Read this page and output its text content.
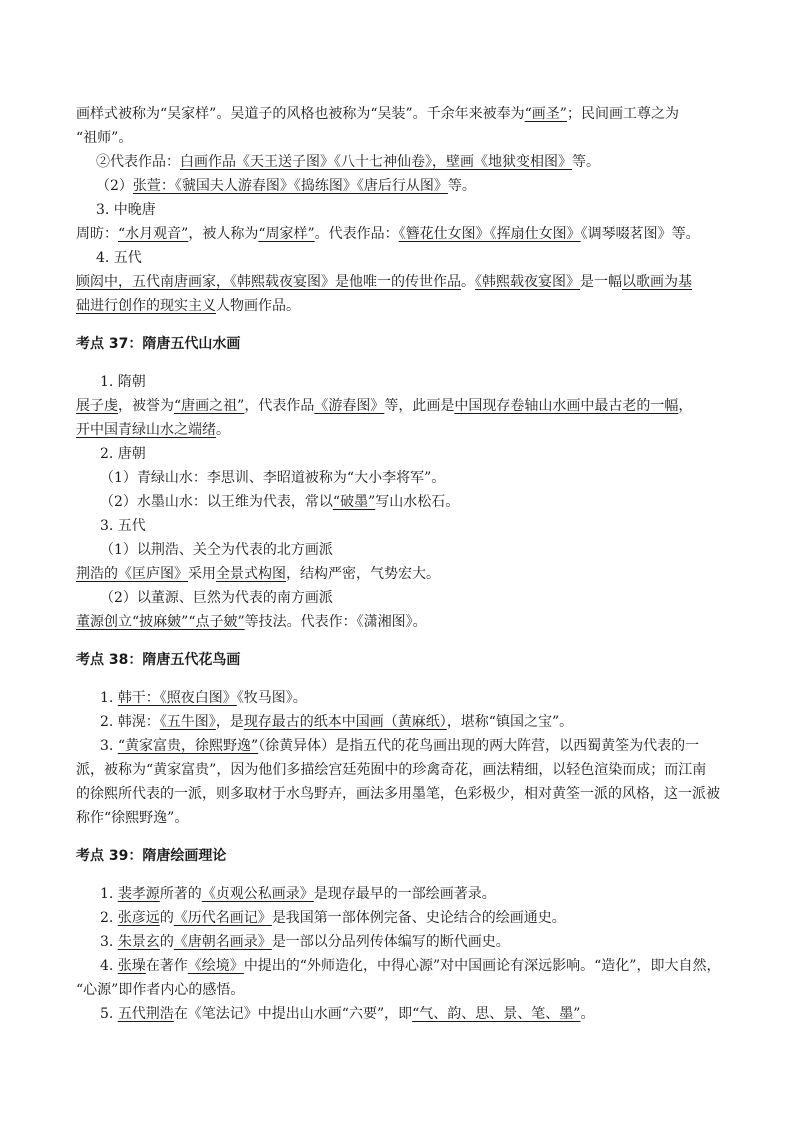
画样式被称为“吴家样”。吴道子的风格也被称为“吴装”。千余年来被奉为“画圣”；民间画工尊之为
“祖师”。
②代表作品：白画作品《天王送子图》《八十七神仙卷》，壁画《地狱变相图》等。
（2）张萱：《虢国夫人游春图》《捣练图》《唐后行从图》等。
3. 中晚唐
周昉：“水月观音”，被人称为“周家样”。代表作品：《簪花仕女图》《挥扇仕女图》《调琴啜茗图》等。
4. 五代
顾闳中，五代南唐画家，《韩熙载夜宴图》是他唯一的传世作品。《韩熙载夜宴图》是一幅以歌画为基
础进行创作的现实主义人物画作品。
考点 37：隋唐五代山水画
1. 隋朝
展子虔，被誉为“唐画之祖”，代表作品《游春图》等，此画是中国现存卷轴山水画中最古老的一幅，
开中国青绿山水之端绪。
2. 唐朝
（1）青绿山水：李思训、李昭道被称为“大小李将军”。
（2）水墨山水：以王维为代表，常以“破墨”写山水松石。
3. 五代
（1）以荆浩、关仝为代表的北方画派
荆浩的《匡庐图》采用全景式构图，结构严密，气势宏大。
（2）以董源、巨然为代表的南方画派
董源创立“披麻皴”“点子皴”等技法。代表作：《潇湘图》。
考点 38：隋唐五代花鸟画
1. 韩干：《照夜白图》《牧马图》。
2. 韩滉：《五牛图》，是现存最古的纸本中国画（黄麻纸），堪称“镇国之宝”。
3. “黄家富贵，徐熙野逸”（徐黄异体）是指五代的花鸟画出现的两大阵营，以西蜀黄筌为代表的一
派，被称为“黄家富贵”，因为他们多描绘宫廷苑囿中的珍禽奇花，画法精细，以轻色渲染而成；而江南
的徐熙所代表的一派，则多取材于水鸟野卉，画法多用墨笔，色彩极少，相对黄筌一派的风格，这一派被
称作“徐熙野逸”。
考点 39：隋唐绘画理论
1. 裴孝源所著的《贞观公私画录》是现存最早的一部绘画著录。
2. 张彦远的《历代名画记》是我国第一部体例完备、史论结合的绘画通史。
3. 朱景玄的《唐朝名画录》是一部以分品列传体编写的断代画史。
4. 张璪在著作《绘境》中提出的“外师造化，中得心源”对中国画论有深远影响。“造化”，即大自然，
“心源”即作者内心的感悟。
5. 五代荆浩在《笔法记》中提出山水画“六要”，即“气、韵、思、景、笔、墨”。
